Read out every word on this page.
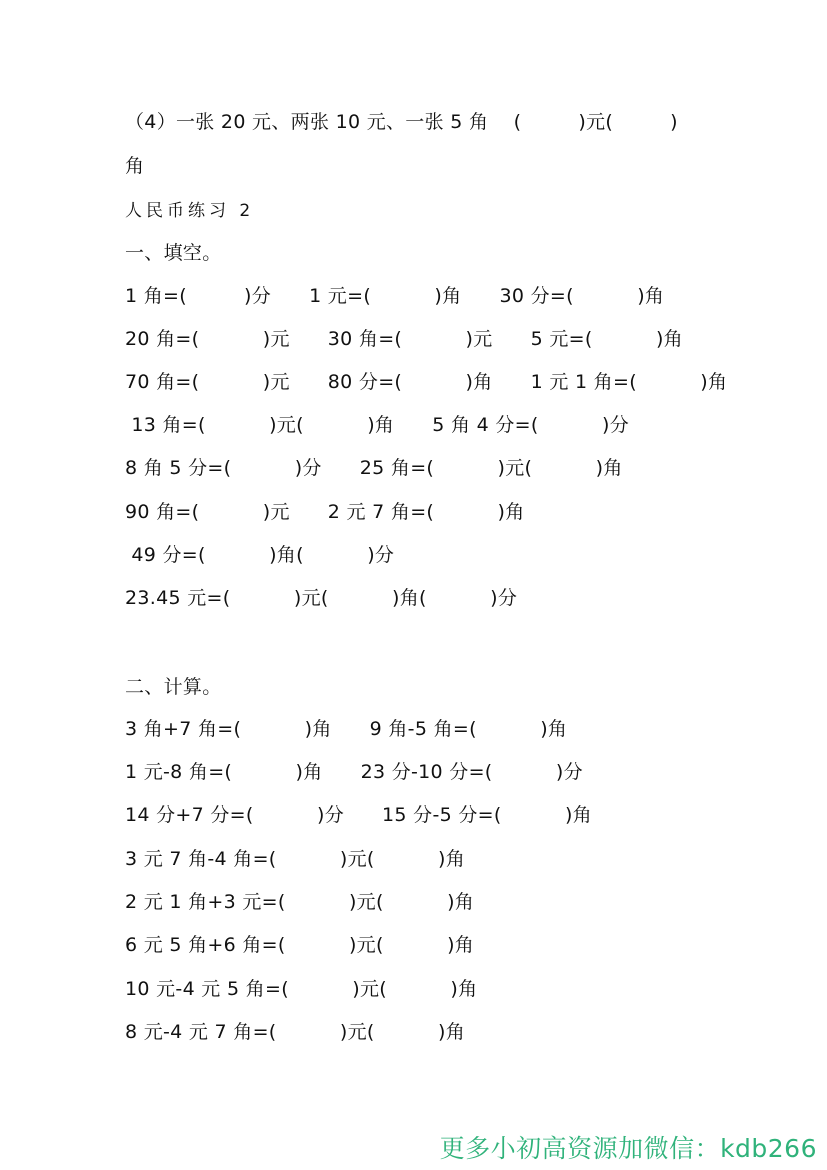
（4）一张 20 元、两张 10 元、一张 5 角    (         )元(         )
角
人民币练习 2
一、填空。
1 角=(         )分      1 元=(          )角      30 分=(          )角
20 角=(          )元      30 角=(          )元      5 元=(          )角
70 角=(          )元      80 分=(          )角      1 元 1 角=(          )角
13 角=(          )元(          )角      5 角 4 分=(          )分
8 角 5 分=(          )分      25 角=(          )元(          )角
90 角=(          )元      2 元 7 角=(          )角
49 分=(          )角(          )分
23.45 元=(          )元(          )角(          )分
二、计算。
3 角+7 角=(          )角      9 角-5 角=(          )角
1 元-8 角=(          )角      23 分-10 分=(          )分
14 分+7 分=(          )分      15 分-5 分=(          )角
3 元 7 角-4 角=(          )元(          )角
2 元 1 角+3 元=(          )元(          )角
6 元 5 角+6 角=(          )元(          )角
10 元-4 元 5 角=(          )元(          )角
8 元-4 元 7 角=(          )元(          )角
更多小初高资源加微信：kdb266
